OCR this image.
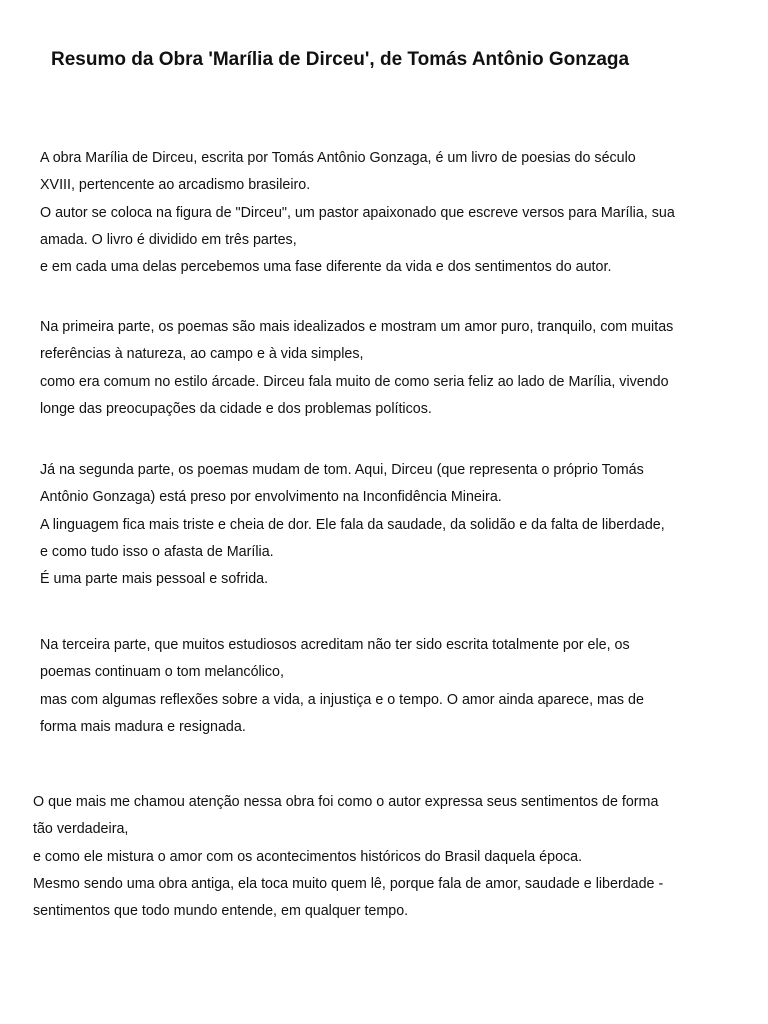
Resumo da Obra 'Marília de Dirceu', de Tomás Antônio Gonzaga
A obra Marília de Dirceu, escrita por Tomás Antônio Gonzaga, é um livro de poesias do século
XVIII, pertencente ao arcadismo brasileiro.
O autor se coloca na figura de "Dirceu", um pastor apaixonado que escreve versos para Marília, sua
amada. O livro é dividido em três partes,
e em cada uma delas percebemos uma fase diferente da vida e dos sentimentos do autor.
Na primeira parte, os poemas são mais idealizados e mostram um amor puro, tranquilo, com muitas
referências à natureza, ao campo e à vida simples,
como era comum no estilo árcade. Dirceu fala muito de como seria feliz ao lado de Marília, vivendo
longe das preocupações da cidade e dos problemas políticos.
Já na segunda parte, os poemas mudam de tom. Aqui, Dirceu (que representa o próprio Tomás
Antônio Gonzaga) está preso por envolvimento na Inconfidência Mineira.
A linguagem fica mais triste e cheia de dor. Ele fala da saudade, da solidão e da falta de liberdade,
e como tudo isso o afasta de Marília.
É uma parte mais pessoal e sofrida.
Na terceira parte, que muitos estudiosos acreditam não ter sido escrita totalmente por ele, os
poemas continuam o tom melancólico,
mas com algumas reflexões sobre a vida, a injustiça e o tempo. O amor ainda aparece, mas de
forma mais madura e resignada.
O que mais me chamou atenção nessa obra foi como o autor expressa seus sentimentos de forma
tão verdadeira,
e como ele mistura o amor com os acontecimentos históricos do Brasil daquela época.
Mesmo sendo uma obra antiga, ela toca muito quem lê, porque fala de amor, saudade e liberdade -
sentimentos que todo mundo entende, em qualquer tempo.
